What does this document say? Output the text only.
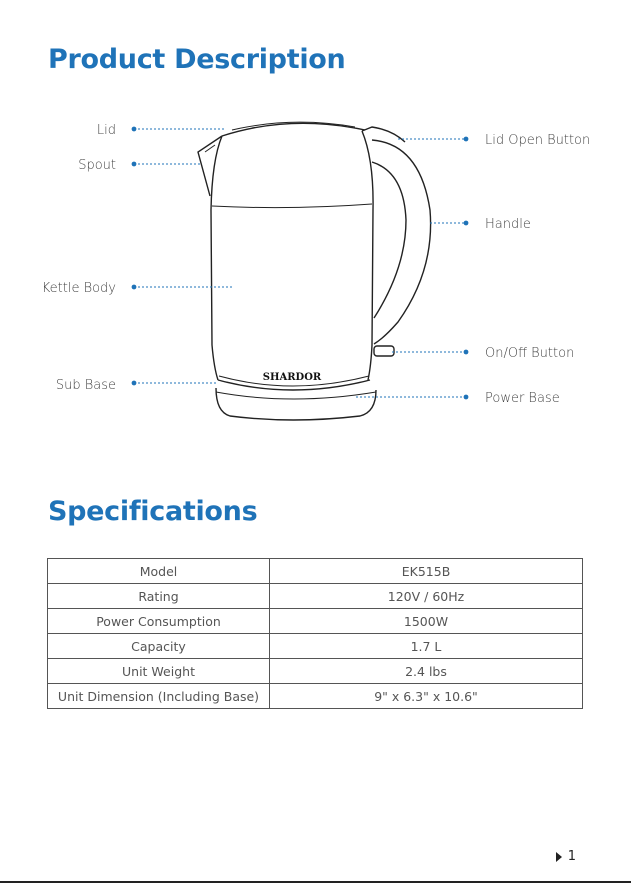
Product Description
SHARDOR
Lid
Spout
Kettle Body
Sub Base
Lid Open Button
Handle
On/Off Button
Power Base
Specifications
Model	EK515B
Rating	120V / 60Hz
Power Consumption	1500W
Capacity	1.7 L
Unit Weight	2.4 lbs
Unit Dimension (Including Base)	9" x 6.3" x 10.6"
1
